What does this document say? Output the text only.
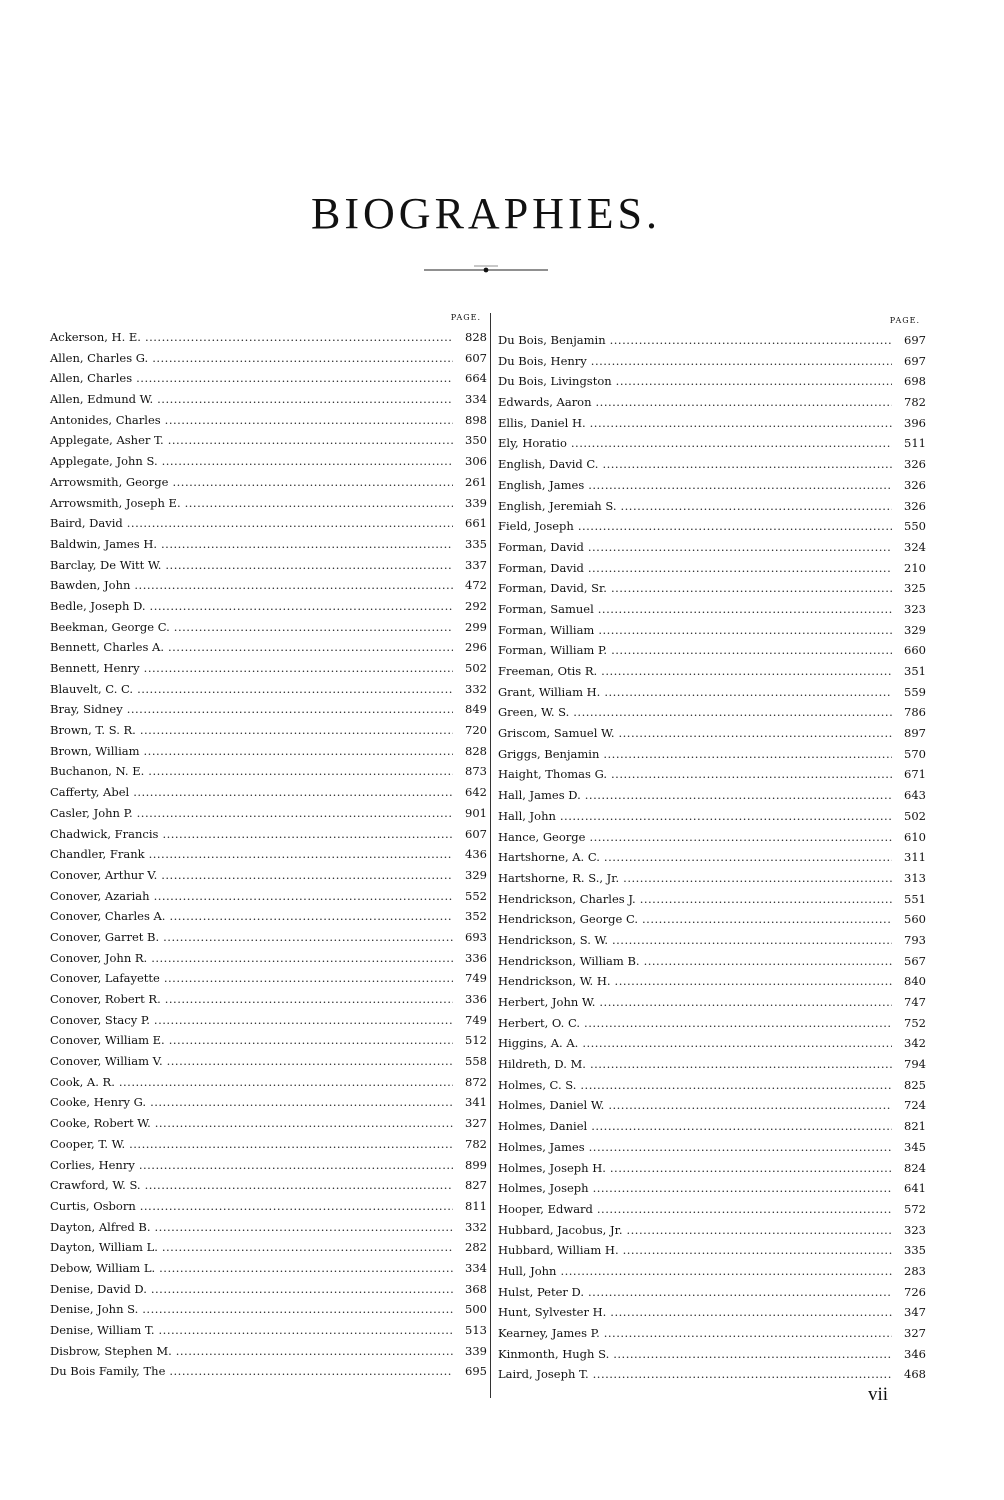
BIOGRAPHIES.
PAGE.
Ackerson, H. E. .....	828
Allen, Charles G. .....	607
Allen, Charles .....	664
Allen, Edmund W. .....	334
Antonides, Charles .....	898
Applegate, Asher T. .....	350
Applegate, John S. .....	306
Arrowsmith, George .....	261
Arrowsmith, Joseph E. .....	339
Baird, David .....	661
Baldwin, James H. .....	335
Barclay, De Witt W. .....	337
Bawden, John .....	472
Bedle, Joseph D. .....	292
Beekman, George C. .....	299
Bennett, Charles A. .....	296
Bennett, Henry .....	502
Blauvelt, C. C. .....	332
Bray, Sidney .....	849
Brown, T. S. R. .....	720
Brown, William .....	828
Buchanon, N. E. .....	873
Cafferty, Abel .....	642
Casler, John P. .....	901
Chadwick, Francis .....	607
Chandler, Frank .....	436
Conover, Arthur V. .....	329
Conover, Azariah .....	552
Conover, Charles A. .....	352
Conover, Garret B. .....	693
Conover, John R. .....	336
Conover, Lafayette .....	749
Conover, Robert R. .....	336
Conover, Stacy P. .....	749
Conover, William E. .....	512
Conover, William V. .....	558
Cook, A. R. .....	872
Cooke, Henry G. .....	341
Cooke, Robert W. .....	327
Cooper, T. W. .....	782
Corlies, Henry .....	899
Crawford, W. S. .....	827
Curtis, Osborn .....	811
Dayton, Alfred B. .....	332
Dayton, William L. .....	282
Debow, William L. .....	334
Denise, David D. .....	368
Denise, John S. .....	500
Denise, William T. .....	513
Disbrow, Stephen M. .....	339
Du Bois Family, The .....	695
PAGE.
Du Bois, Benjamin .....	697
Du Bois, Henry .....	697
Du Bois, Livingston .....	698
Edwards, Aaron .....	782
Ellis, Daniel H. .....	396
Ely, Horatio .....	511
English, David C. .....	326
English, James .....	326
English, Jeremiah S. .....	326
Field, Joseph .....	550
Forman, David .....	324
Forman, David .....	210
Forman, David, Sr. .....	325
Forman, Samuel .....	323
Forman, William .....	329
Forman, William P. .....	660
Freeman, Otis R. .....	351
Grant, William H. .....	559
Green, W. S. .....	786
Griscom, Samuel W. .....	897
Griggs, Benjamin .....	570
Haight, Thomas G. .....	671
Hall, James D. .....	643
Hall, John .....	502
Hance, George .....	610
Hartshorne, A. C. .....	311
Hartshorne, R. S., Jr. .....	313
Hendrickson, Charles J. .....	551
Hendrickson, George C. .....	560
Hendrickson, S. W. .....	793
Hendrickson, William B. .....	567
Hendrickson, W. H. .....	840
Herbert, John W. .....	747
Herbert, O. C. .....	752
Higgins, A. A. .....	342
Hildreth, D. M. .....	794
Holmes, C. S. .....	825
Holmes, Daniel W. .....	724
Holmes, Daniel .....	821
Holmes, James .....	345
Holmes, Joseph H. .....	824
Holmes, Joseph .....	641
Hooper, Edward .....	572
Hubbard, Jacobus, Jr. .....	323
Hubbard, William H. .....	335
Hull, John .....	283
Hulst, Peter D. .....	726
Hunt, Sylvester H. .....	347
Kearney, James P. .....	327
Kinmonth, Hugh S. .....	346
Laird, Joseph T. .....	468
vii
